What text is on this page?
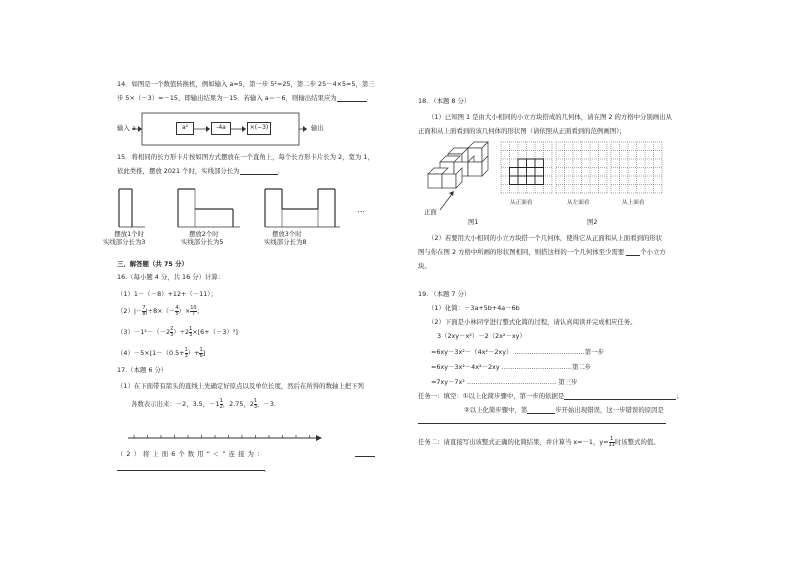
14．如图是一个数值转换机，例如输入 a=5，第一步 5²=25，第二步 25－4×5=5，第三
步 5×（－3）=－15，即输出结果为－15．若输入 a＝－6，则输出结果应为	．
输入 a	a²	-4a	×(−3)	输出
15．将相同的长方形卡片按如图方式摆放在一个直角上，每个长方形卡片长为 2，宽为 1，
依此类推，摆放 2021 个时，实线部分长为	．
…
摆放1个时
实线部分长为3
摆放2个时
实线部分长为5
摆放3个时
实线部分长为8
三、解答题（共 75 分）
16.（每小题 4 分，共 16 分）计算：
（1）1－（－8）+12+（－11）；
$(2)|- \frac{7}{8} |\div 8\times(- \frac{4}{5}$ ）× $\frac{10}{7}$ ；
$(3)-1^2-(-2 \frac{2}{3} )\div 2 \frac{1}{3} \times[6+(-3)^3]$
$(4)-5\times[1-(0.5+ \frac{1}{3}$ ）+ $\frac{1}{6}$ ]
17.（本题 6 分）
（1）在下面带有箭头的直线上先确定好原点以及单位长度，然后在所得的数轴上把下列
各数表示出来：－2，3.5，$-1 \frac{1}{2}$ ，2.75，$2 \frac{1}{3}$ ，－3．
（ 2 ） 将 上 面 6 个 数 用 “ ＜ ” 连 接 为 ：
.
18. （本题 8 分）
（1）已知图 1 是由大小相同的小立方块搭成的几何体，请在图 2 的方格中分别画出从
正面和从上面看到的该几何体的形状图（请依照从正面看到的范例画图）；
正面
图1
从正面看	从左面看	从上面看
图2
（2）若要用大小相同的小立方块搭一个几何体，使得它从正面和从上面看到的形状
图与你在图 2 方格中所画的形状图相同，则搭这样的一个几何体至少需要	个小立方
块。
19. （本题 7 分）
（1）化简：－3a+5b+4a－6b
（2）下面是小林同学进行整式化简的过程，请认真阅读并完成相应任务。
3（2xy－x²）－2（2x²－xy）
=6xy－3x²－（4x²－2xy） ……………………………第一步
=6xy－3x²－4x²－2xy ……………………………第二步
=7xy－7x² …………………………………… 第三步
任务一：填空：①以上化简步骤中，第一步的依据是	；
②以上化简步骤中，第	步开始出现错误，这一步错误的原因是
任务二：请直接写出该整式正确的化简结果，并计算当 x=－1，$y= \frac{1}{11}$ 时该整式的值。
